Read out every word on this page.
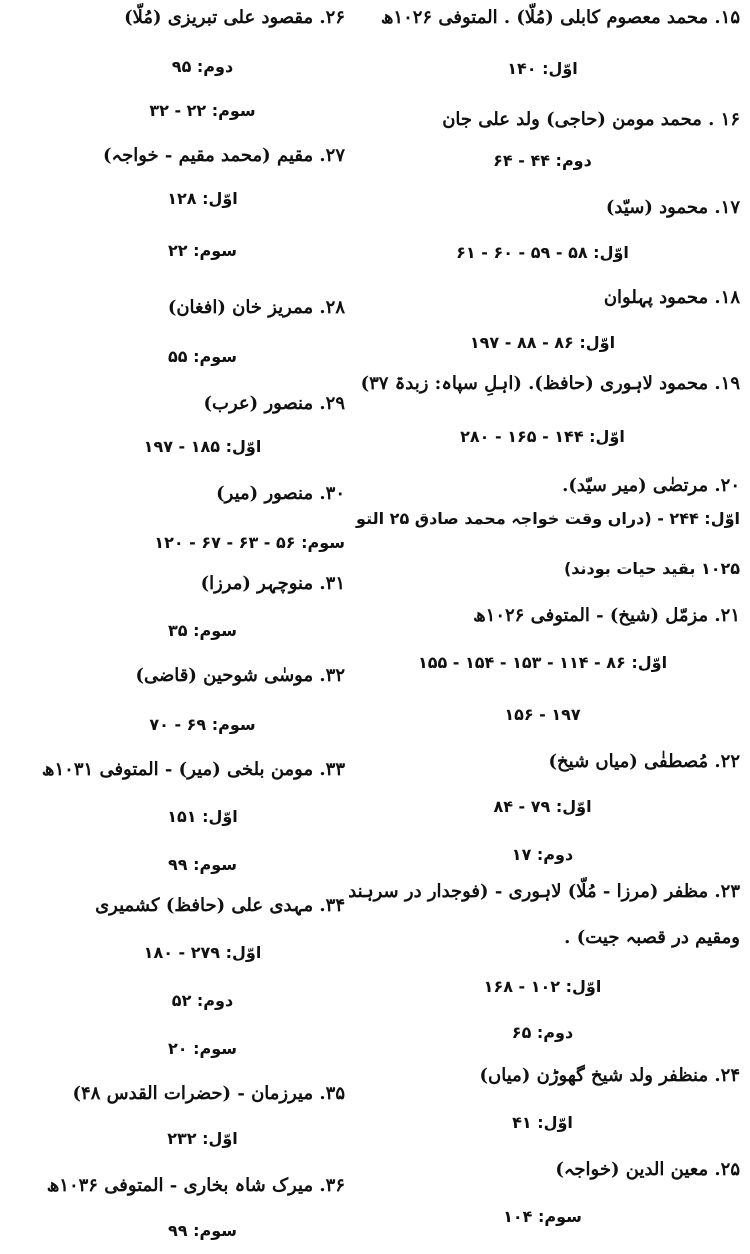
۱۵. محمد معصوم کابلی (مُلّا) . المتوفی ۱۰۲۶ھ
اوّل: ۱۴۰
۱۶ . محمد مومن (حاجی) ولد علی جان
دوم: ۴۴ - ۶۴
۱۷. محمود (سیّد)
اوّل: ۵۸ - ۵۹ - ۶۰ - ۶۱
۱۸. محمود پہلوان
اوّل: ۸۶ - ۸۸ - ۱۹۷
۱۹. محمود لاہوری (حافظ). (اہلِ سپاہ: زبدۃ ۳۷)
اوّل: ۱۴۴ - ۱۶۵ - ۲۸۰
۲۰. مرتضٰی (میر سیّد).
اوّل: ۲۴۴ - (دراں وقت خواجہ محمد صادق ۲۵ التو
۱۰۲۵ بقید حیات بودند)
۲۱. مزمّل (شیخ) - المتوفی ۱۰۲۶ھ
اوّل: ۸۶ - ۱۱۴ - ۱۵۳ - ۱۵۴ - ۱۵۵
۱۵۶ - ۱۹۷
۲۲. مُصطفٰی (میاں شیخ)
اوّل: ۷۹ - ۸۴
دوم: ۱۷
۲۳. مظفر (مرزا - مُلّا) لاہوری - (فوجدار در سرہند
ومقیم در قصبہ جیت) .
اوّل: ۱۰۲ - ۱۶۸
دوم: ۶۵
۲۴. منظفر ولد شیخ گھوڑن (میاں)
اوّل: ۴۱
۲۵. معین الدین (خواجہ)
سوم: ۱۰۴
۲۶. مقصود علی تبریزی (مُلّا)
دوم: ۹۵
سوم: ۲۲ - ۳۲
۲۷. مقیم (محمد مقیم - خواجہ)
اوّل: ۱۲۸
سوم: ۲۲
۲۸. ممریز خان (افغان)
سوم: ۵۵
۲۹. منصور (عرب)
اوّل: ۱۸۵ - ۱۹۷
۳۰. منصور (میر)
سوم: ۵۶ - ۶۳ - ۶۷ - ۱۲۰
۳۱. منوچہر (مرزا)
سوم: ۳۵
۳۲. موسٰی شوحین (قاضی)
سوم: ۶۹ - ۷۰
۳۳. مومن بلخی (میر) - المتوفی ۱۰۳۱ھ
اوّل: ۱۵۱
سوم: ۹۹
۳۴. مہدی علی (حافظ) کشمیری
اوّل: ۲۷۹ - ۱۸۰
دوم: ۵۲
سوم: ۲۰
۳۵. میرزمان - (حضرات القدس ۴۸)
اوّل: ۲۳۲
۳۶. میرک شاہ بخاری - المتوفی ۱۰۳۶ھ
سوم: ۹۹
